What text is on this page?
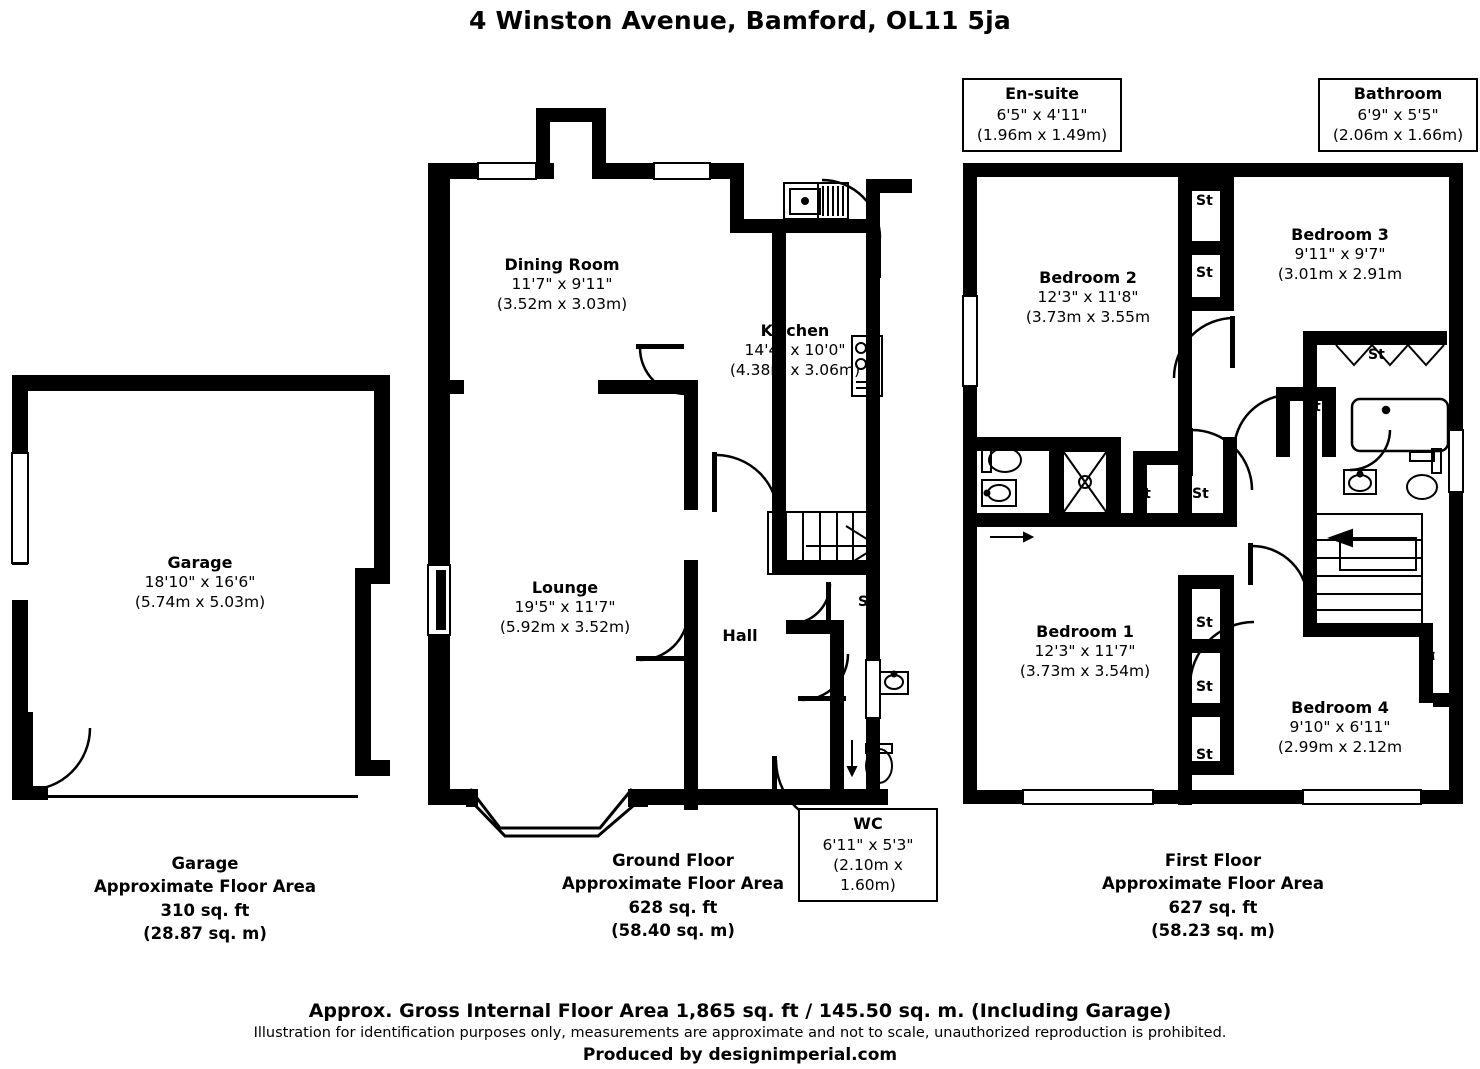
4 Winston Avenue, Bamford, OL11 5ja
Garage
18'10" x 16'6"
(5.74m x 5.03m)
Dining Room
11'7" x 9'11"
(3.52m x 3.03m)
Kitchen
14'4" x 10'0"
(4.38m x 3.06m)
Lounge
19'5" x 11'7"
(5.92m x 3.52m)	Hall
WC
6'11" x 5'3" (2.10m x 1.60m)
En-suite
6'5" x 4'11" (1.96m x 1.49m)
Bathroom
6'9" x 5'5" (2.06m x 1.66m)
Bedroom 2
12'3" x 11'8"
(3.73m x 3.55m
Bedroom 3
9'11" x 9'7"
(3.01m x 2.91m
Bedroom 1
12'3" x 11'7"
(3.73m x 3.54m)
Bedroom 4
9'10" x 6'11"
(2.99m x 2.12m
St
St
St
St
St
St	St
St
St
St
St
Garage
Approximate Floor Area
310 sq. ft
(28.87 sq. m)
Ground Floor
Approximate Floor Area
628 sq. ft
(58.40 sq. m)
First Floor
Approximate Floor Area
627 sq. ft
(58.23 sq. m)
Approx. Gross Internal Floor Area 1,865 sq. ft / 145.50 sq. m. (Including Garage)
Illustration for identification purposes only, measurements are approximate and not to scale, unauthorized reproduction is prohibited.
Produced by designimperial.com
